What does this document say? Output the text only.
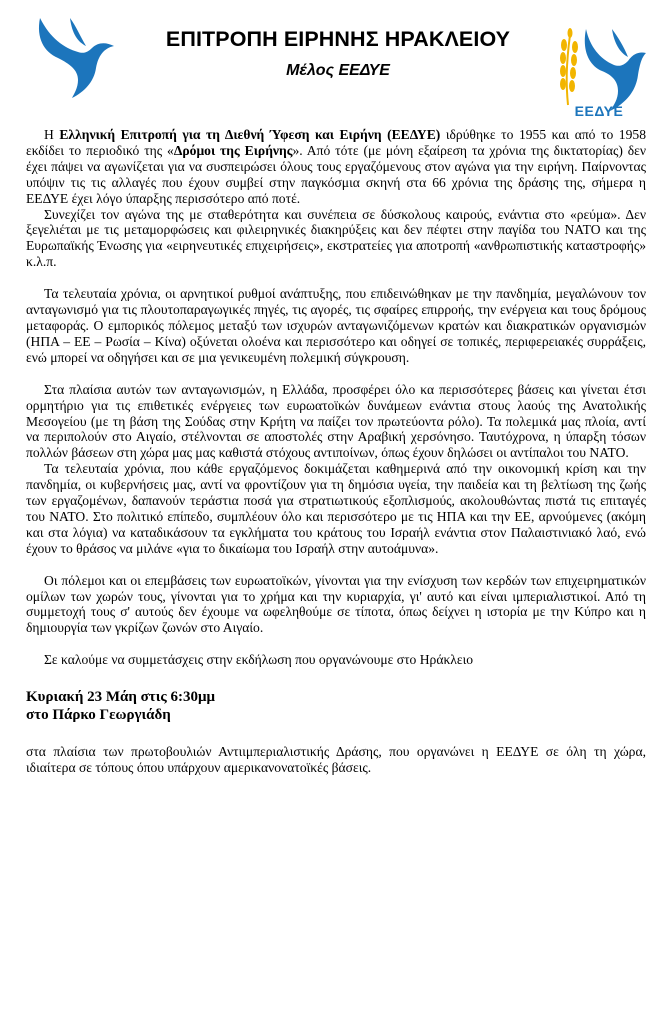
ΕΠΙΤΡΟΠΗ ΕΙΡΗΝΗΣ ΗΡΑΚΛΕΙΟΥ
Μέλος ΕΕΔΥΕ
ΕΕΔΥΕ

Η Ελληνική Επιτροπή για τη Διεθνή Ύφεση και Ειρήνη (ΕΕΔΥΕ) ιδρύθηκε το 1955 και από το 1958 εκδίδει το περιοδικό της «Δρόμοι της Ειρήνης». Από τότε (με μόνη εξαίρεση τα χρόνια της δικτατορίας) δεν έχει πάψει να αγωνίζεται για να συσπειρώσει όλους τους εργαζόμενους στον αγώνα για την ειρήνη. Παίρνοντας υπόψιν τις τις αλλαγές που έχουν συμβεί στην παγκόσμια σκηνή στα 66 χρόνια της δράσης της, σήμερα η ΕΕΔΥΕ έχει λόγο ύπαρξης περισσότερο από ποτέ.

Συνεχίζει τον αγώνα της με σταθερότητα και συνέπεια σε δύσκολους καιρούς, ενάντια στο «ρεύμα». Δεν ξεγελιέται με τις μεταμορφώσεις και φιλειρηνικές διακηρύξεις και δεν πέφτει στην παγίδα του ΝΑΤΟ και της Ευρωπαϊκής Ένωσης για «ειρηνευτικές επιχειρήσεις», εκστρατείες για αποτροπή «ανθρωπιστικής καταστροφής» κ.λ.π.

Τα τελευταία χρόνια, οι αρνητικοί ρυθμοί ανάπτυξης, που επιδεινώθηκαν με την πανδημία, μεγαλώνουν τον ανταγωνισμό για τις πλουτοπαραγωγικές πηγές, τις αγορές, τις σφαίρες επιρροής, την ενέργεια και τους δρόμους μεταφοράς. Ο εμπορικός πόλεμος μεταξύ των ισχυρών ανταγωνιζόμενων κρατών και διακρατικών οργανισμών (ΗΠΑ – ΕΕ – Ρωσία – Κίνα) οξύνεται ολοένα και περισσότερο και οδηγεί σε τοπικές, περιφερειακές συρράξεις, ενώ μπορεί να οδηγήσει και σε μια γενικευμένη πολεμική σύγκρουση.

Στα πλαίσια αυτών των ανταγωνισμών, η Ελλάδα, προσφέρει όλο κα περισσότερες βάσεις και γίνεται έτσι ορμητήριο για τις επιθετικές ενέργειες των ευρωατοϊκών δυνάμεων ενάντια στους λαούς της Ανατολικής Μεσογείου (με τη βάση της Σούδας στην Κρήτη να παίζει τον πρωτεύοντα ρόλο). Τα πολεμικά μας πλοία, αντί να περιπολούν στο Αιγαίο, στέλνονται σε αποστολές στην Αραβική χερσόνησο. Ταυτόχρονα, η ύπαρξη τόσων πολλών βάσεων στη χώρα μας μας καθιστά στόχους αντιποίνων, όπως έχουν δηλώσει οι αντίπαλοι του ΝΑΤΟ.

Τα τελευταία χρόνια, που κάθε εργαζόμενος δοκιμάζεται καθημερινά από την οικονομική κρίση και την πανδημία, οι κυβερνήσεις μας, αντί να φροντίζουν για τη δημόσια υγεία, την παιδεία και τη βελτίωση της ζωής των εργαζομένων, δαπανούν τεράστια ποσά για στρατιωτικούς εξοπλισμούς, ακολουθώντας πιστά τις επιταγές του ΝΑΤΟ. Στο πολιτικό επίπεδο, συμπλέουν όλο και περισσότερο με τις ΗΠΑ και την ΕΕ, αρνούμενες (ακόμη και στα λόγια) να καταδικάσουν τα εγκλήματα του κράτους του Ισραήλ ενάντια στον Παλαιστινιακό λαό, ενώ έχουν το θράσος να μιλάνε «για το δικαίωμα του Ισραήλ στην αυτοάμυνα».

Οι πόλεμοι και οι επεμβάσεις των ευρωατοϊκών, γίνονται για την ενίσχυση των κερδών των επιχειρηματικών ομίλων των χωρών τους, γίνονται για το χρήμα και την κυριαρχία, γι' αυτό και είναι ιμπεριαλιστικοί. Από τη συμμετοχή τους σ' αυτούς δεν έχουμε να ωφεληθούμε σε τίποτα, όπως δείχνει η ιστορία με την Κύπρο και η δημιουργία των γκρίζων ζωνών στο Αιγαίο.

Σε καλούμε να συμμετάσχεις στην εκδήλωση που οργανώνουμε στο Ηράκλειο

Κυριακή 23 Μάη στις 6:30μμ

στο Πάρκο Γεωργιάδη

στα πλαίσια των πρωτοβουλιών Αντιιμπεριαλιστικής Δράσης, που οργανώνει η ΕΕΔΥΕ σε όλη τη χώρα, ιδιαίτερα σε τόπους όπου υπάρχουν αμερικανονατοϊκές βάσεις.
